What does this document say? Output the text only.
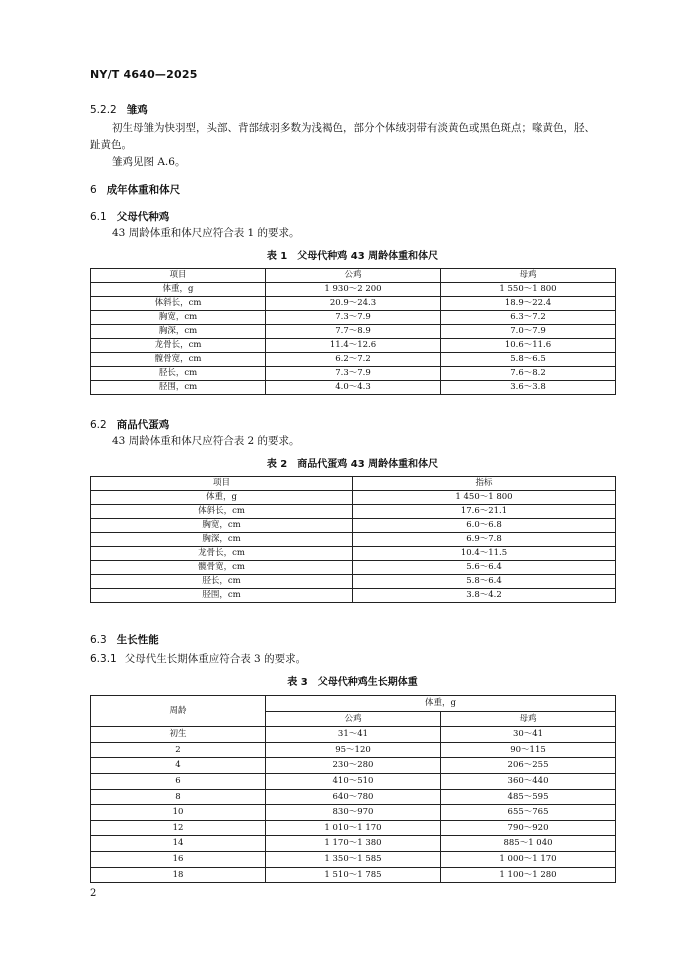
NY/T 4640—2025
5.2.2 雏鸡
初生母雏为快羽型，头部、背部绒羽多数为浅褐色，部分个体绒羽带有淡黄色或黑色斑点；喙黄色，胫、
趾黄色。
雏鸡见图 A.6。
6 成年体重和体尺
6.1 父母代种鸡
43 周龄体重和体尺应符合表 1 的要求。
表 1　父母代种鸡 43 周龄体重和体尺
项目	公鸡	母鸡
体重，g	1 930～2 200	1 550～1 800
体斜长，cm	20.9～24.3	18.9～22.4
胸宽，cm	7.3～7.9	6.3～7.2
胸深，cm	7.7～8.9	7.0～7.9
龙骨长，cm	11.4～12.6	10.6～11.6
髋骨宽，cm	6.2～7.2	5.8～6.5
胫长，cm	7.3～7.9	7.6～8.2
胫围，cm	4.0～4.3	3.6～3.8
6.2 商品代蛋鸡
43 周龄体重和体尺应符合表 2 的要求。
表 2　商品代蛋鸡 43 周龄体重和体尺
项目	指标
体重，g	1 450～1 800
体斜长，cm	17.6～21.1
胸宽，cm	6.0～6.8
胸深，cm	6.9～7.8
龙骨长，cm	10.4～11.5
髋骨宽，cm	5.6～6.4
胫长，cm	5.8～6.4
胫围，cm	3.8～4.2
6.3 生长性能
6.3.1 父母代生长期体重应符合表 3 的要求。
表 3　父母代种鸡生长期体重
周龄	体重，g	
	公鸡	母鸡
初生	31～41	30～41
2	95～120	90～115
4	230～280	206～255
6	410～510	360～440
8	640～780	485～595
10	830～970	655～765
12	1 010～1 170	790～920
14	1 170～1 380	885～1 040
16	1 350～1 585	1 000～1 170
18	1 510～1 785	1 100～1 280
2
